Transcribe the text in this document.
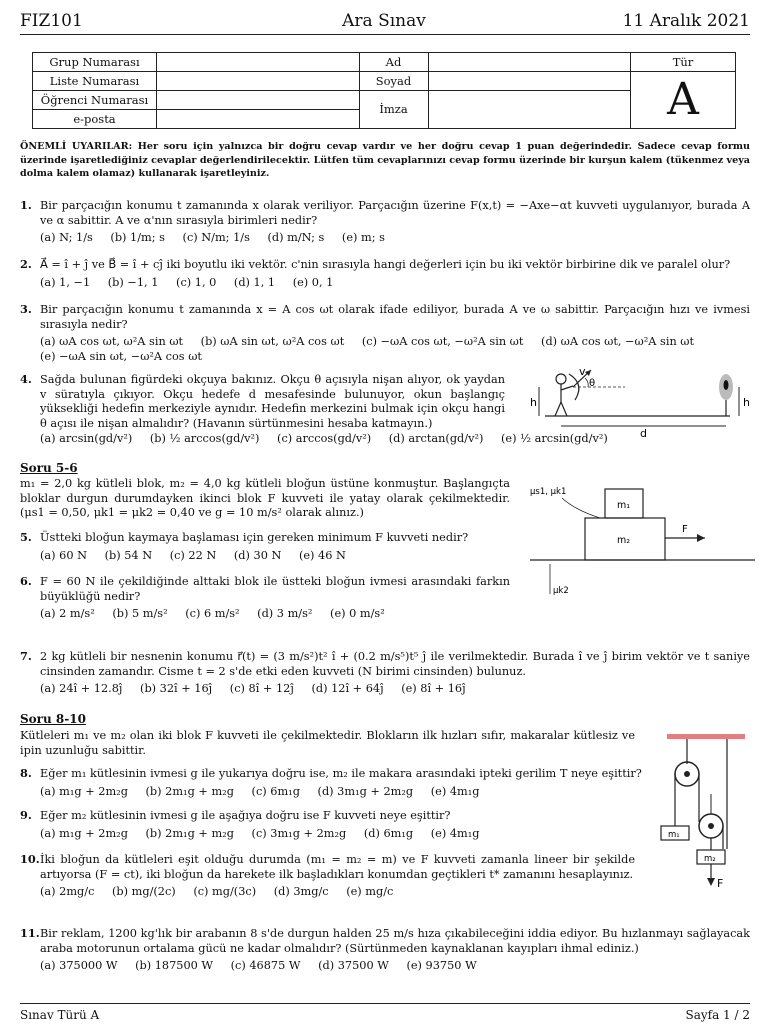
FIZ101	Ara Sınav	11 Aralık 2021
Grup Numarası		Ad		Tür
Liste Numarası		Soyad		A
Öğrenci Numarası		İmza		
e-posta				
ÖNEMLİ UYARILAR: Her soru için yalnızca bir doğru cevap vardır ve her doğru cevap 1 puan değerindedir. Sadece cevap formu üzerinde işaretlediğiniz cevaplar değerlendirilecektir. Lütfen tüm cevaplarınızı cevap formu üzerinde bir kurşun kalem (tükenmez veya dolma kalem olamaz) kullanarak işaretleyiniz.
1. Bir parçacığın konumu t zamanında x olarak veriliyor. Parçacığın üzerine F(x,t) = −Axe−αt kuvveti uygulanıyor, burada A ve α sabittir. A ve α'nın sırasıyla birimleri nedir?
(a) N; 1/s (b) 1/m; s (c) N/m; 1/s (d) m/N; s (e) m; s
2. A⃗ = î + ĵ ve B⃗ = î + cĵ iki boyutlu iki vektör. c'nin sırasıyla hangi değerleri için bu iki vektör birbirine dik ve paralel olur?
(a) 1, −1 (b) −1, 1 (c) 1, 0 (d) 1, 1 (e) 0, 1
3. Bir parçacığın konumu t zamanında x = A cos ωt olarak ifade ediliyor, burada A ve ω sabittir. Parçacığın hızı ve ivmesi sırasıyla nedir?
(a) ωA cos ωt, ω²A sin ωt (b) ωA sin ωt, ω²A cos ωt (c) −ωA cos ωt, −ω²A sin ωt (d) ωA cos ωt, −ω²A sin ωt
(e) −ωA sin ωt, −ω²A cos ωt
4. Sağda bulunan figürdeki okçuya bakınız. Okçu θ açısıyla nişan alıyor, ok yaydan v süratıyla çıkıyor. Okçu hedefe d mesafesinde bulunuyor, okun başlangıç yüksekliği hedefin merkeziyle aynıdır. Hedefin merkezini bulmak için okçu hangi θ açısı ile nişan almalıdır? (Havanın sürtünmesini hesaba katmayın.)
(a) arcsin(gd/v²) (b) ½ arccos(gd/v²) (c) arccos(gd/v²) (d) arctan(gd/v²) (e) ½ arcsin(gd/v²)
v
θ
h	h
d
Soru 5-6
m₁ = 2,0 kg kütleli blok, m₂ = 4,0 kg kütleli bloğun üstüne konmuştur. Başlangıçta bloklar durgun durumdayken ikinci blok F kuvveti ile yatay olarak çekilmektedir. (μs1 = 0,50, μk1 = μk2 = 0,40 ve g = 10 m/s² olarak alınız.)
μs1, μk1
m₁
m₂
F
μk2
5. Üstteki bloğun kaymaya başlaması için gereken minimum F kuvveti nedir?
(a) 60 N (b) 54 N (c) 22 N (d) 30 N (e) 46 N
6. F = 60 N ile çekildiğinde alttaki blok ile üstteki bloğun ivmesi arasındaki farkın büyüklüğü nedir?
(a) 2 m/s² (b) 5 m/s² (c) 6 m/s² (d) 3 m/s² (e) 0 m/s²
7. 2 kg kütleli bir nesnenin konumu r⃗(t) = (3 m/s²)t² î + (0.2 m/s⁵)t⁵ ĵ ile verilmektedir. Burada î ve ĵ birim vektör ve t saniye cinsinden zamandır. Cisme t = 2 s'de etki eden kuvveti (N birimi cinsinden) bulunuz.
(a) 24î + 12.8ĵ (b) 32î + 16ĵ (c) 8î + 12ĵ (d) 12î + 64ĵ (e) 8î + 16ĵ
Soru 8-10
Kütleleri m₁ ve m₂ olan iki blok F kuvveti ile çekilmektedir. Blokların ilk hızları sıfır, makaralar kütlesiz ve ipin uzunluğu sabittir.
m₁
m₂
F
8. Eğer m₁ kütlesinin ivmesi g ile yukarıya doğru ise, m₂ ile makara arasındaki ipteki gerilim T neye eşittir?
(a) m₁g + 2m₂g (b) 2m₁g + m₂g (c) 6m₁g (d) 3m₁g + 2m₂g (e) 4m₁g
9. Eğer m₂ kütlesinin ivmesi g ile aşağıya doğru ise F kuvveti neye eşittir?
(a) m₁g + 2m₂g (b) 2m₁g + m₂g (c) 3m₁g + 2m₂g (d) 6m₁g (e) 4m₁g
10. İki bloğun da kütleleri eşit olduğu durumda (m₁ = m₂ = m) ve F kuvveti zamanla lineer bir şekilde artıyorsa (F = ct), iki bloğun da harekete ilk başladıkları konumdan geçtikleri t* zamanını hesaplayınız.
(a) 2mg/c (b) mg/(2c) (c) mg/(3c) (d) 3mg/c (e) mg/c
11. Bir reklam, 1200 kg'lık bir arabanın 8 s'de durgun halden 25 m/s hıza çıkabileceğini iddia ediyor. Bu hızlanmayı sağlayacak araba motorunun ortalama gücü ne kadar olmalıdır? (Sürtünmeden kaynaklanan kayıpları ihmal ediniz.)
(a) 375000 W (b) 187500 W (c) 46875 W (d) 37500 W (e) 93750 W
Sınav Türü A	Sayfa 1 / 2
